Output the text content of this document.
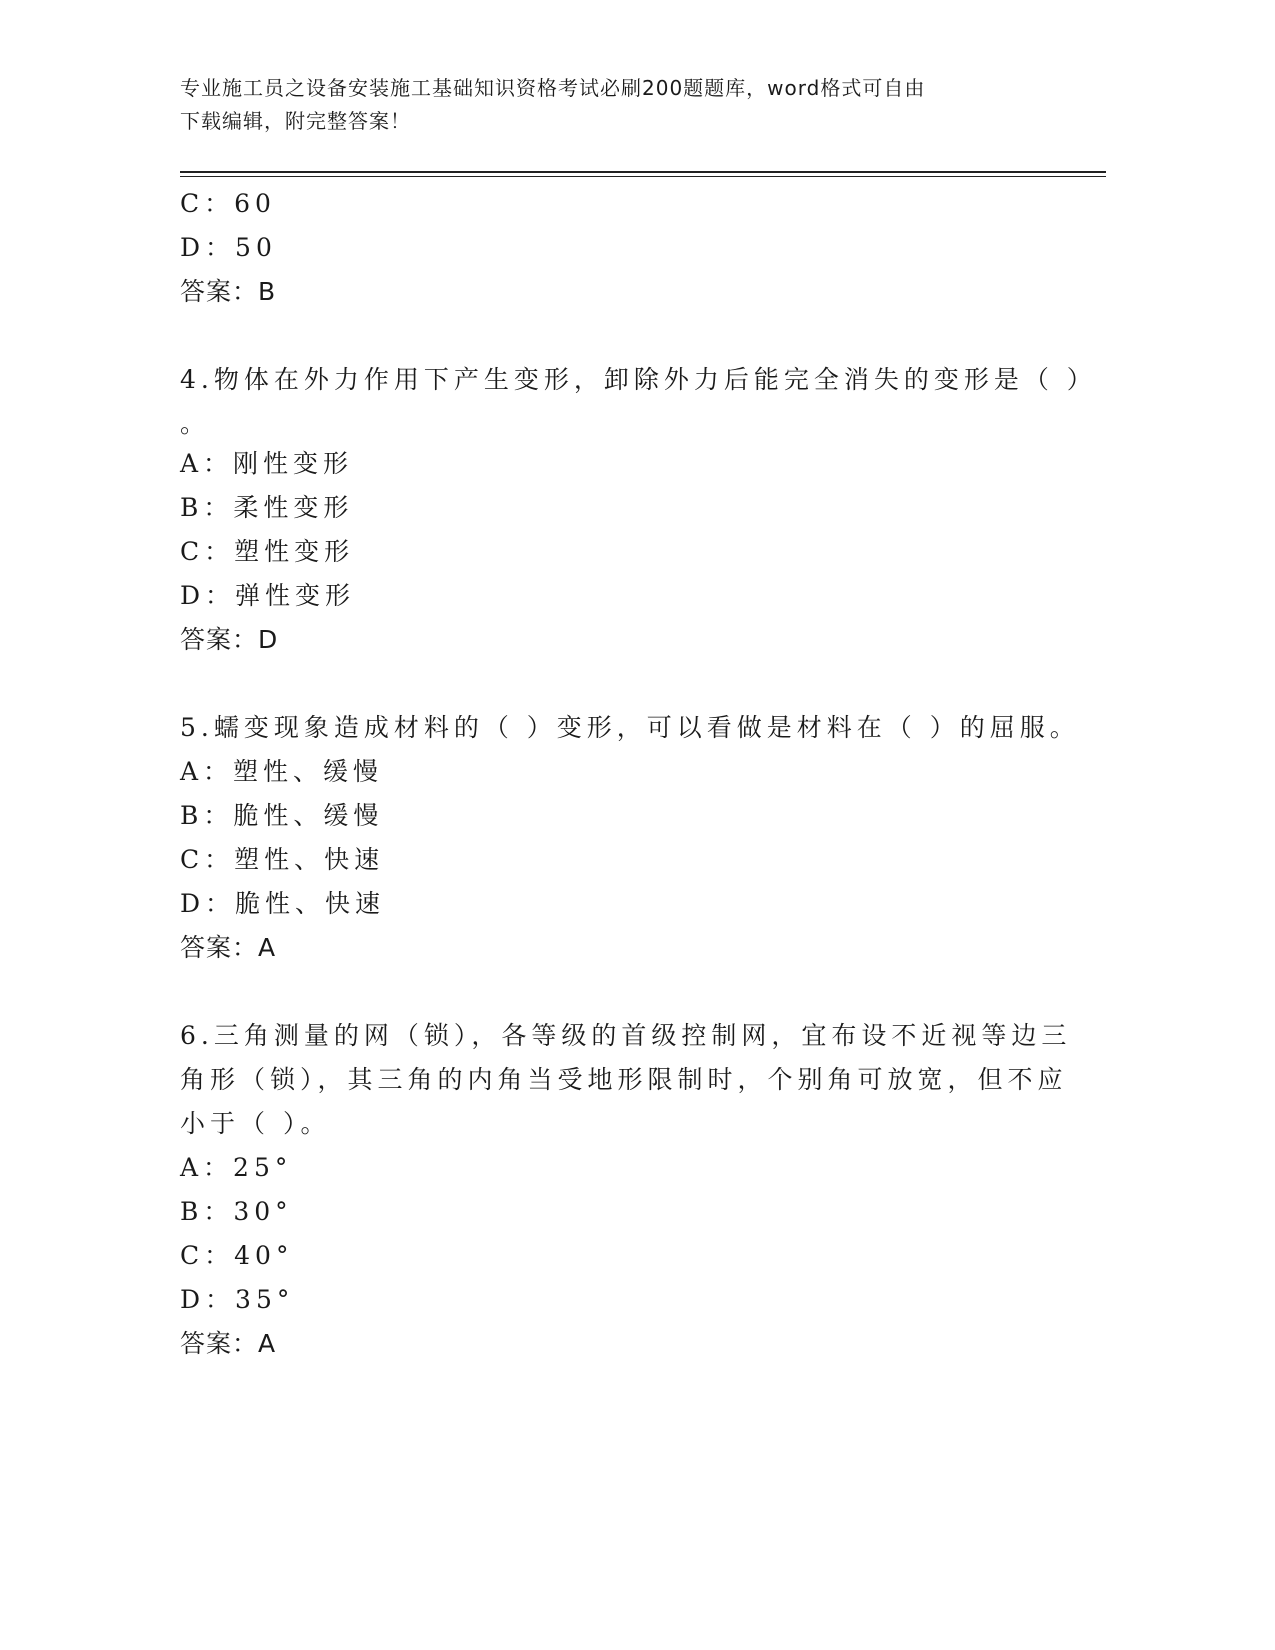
专业施工员之设备安装施工基础知识资格考试必刷200题题库，word格式可自由
下载编辑，附完整答案！
C：60
D：50
答案：B
4.物体在外力作用下产生变形，卸除外力后能完全消失的变形是（ ）
。
A：刚性变形
B：柔性变形
C：塑性变形
D：弹性变形
答案：D
5.蠕变现象造成材料的（ ）变形，可以看做是材料在（ ）的屈服。
A：塑性、缓慢
B：脆性、缓慢
C：塑性、快速
D：脆性、快速
答案：A
6.三角测量的网（锁），各等级的首级控制网，宜布设不近视等边三
角形（锁），其三角的内角当受地形限制时，个别角可放宽，但不应
小于（ ）。
A：25°
B：30°
C：40°
D：35°
答案：A
